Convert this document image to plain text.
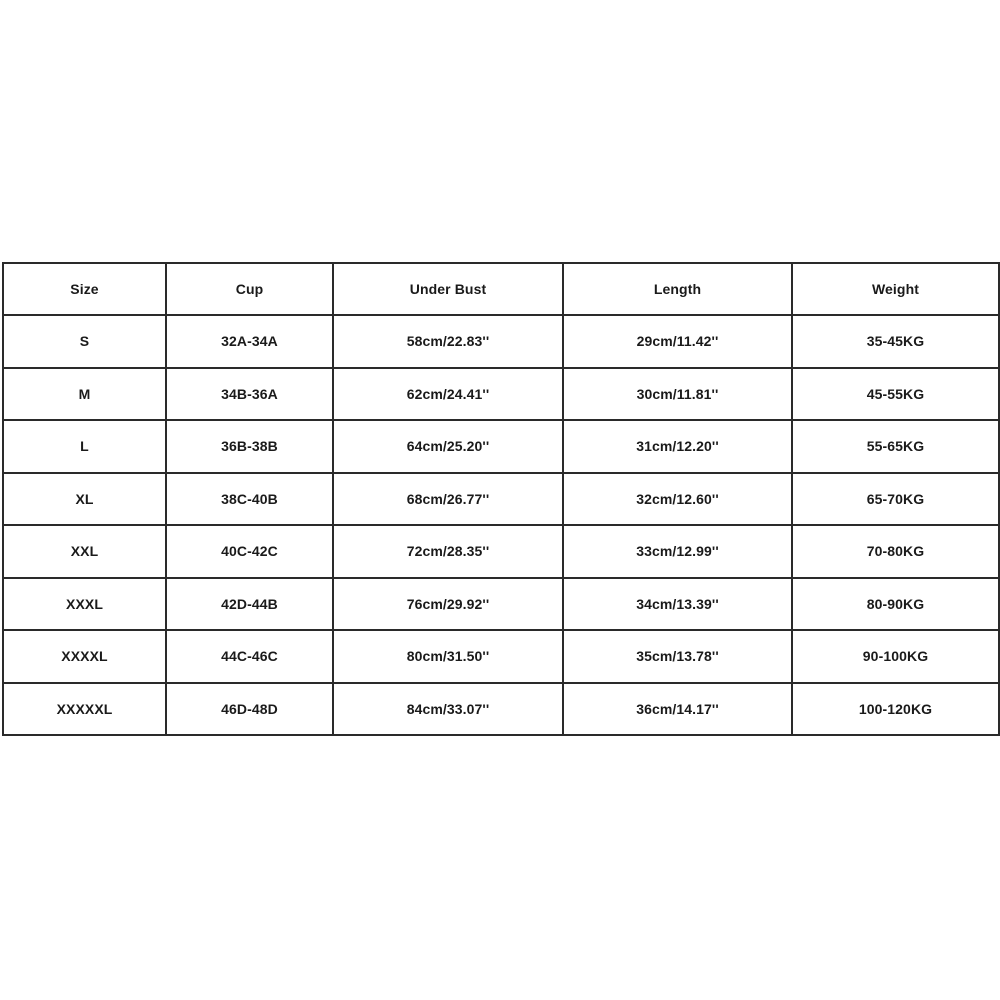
Size	Cup	Under Bust	Length	Weight
S	32A-34A	58cm/22.83''	29cm/11.42''	35-45KG
M	34B-36A	62cm/24.41''	30cm/11.81''	45-55KG
L	36B-38B	64cm/25.20''	31cm/12.20''	55-65KG
XL	38C-40B	68cm/26.77''	32cm/12.60''	65-70KG
XXL	40C-42C	72cm/28.35''	33cm/12.99''	70-80KG
XXXL	42D-44B	76cm/29.92''	34cm/13.39''	80-90KG
XXXXL	44C-46C	80cm/31.50''	35cm/13.78''	90-100KG
XXXXXL	46D-48D	84cm/33.07''	36cm/14.17''	100-120KG
